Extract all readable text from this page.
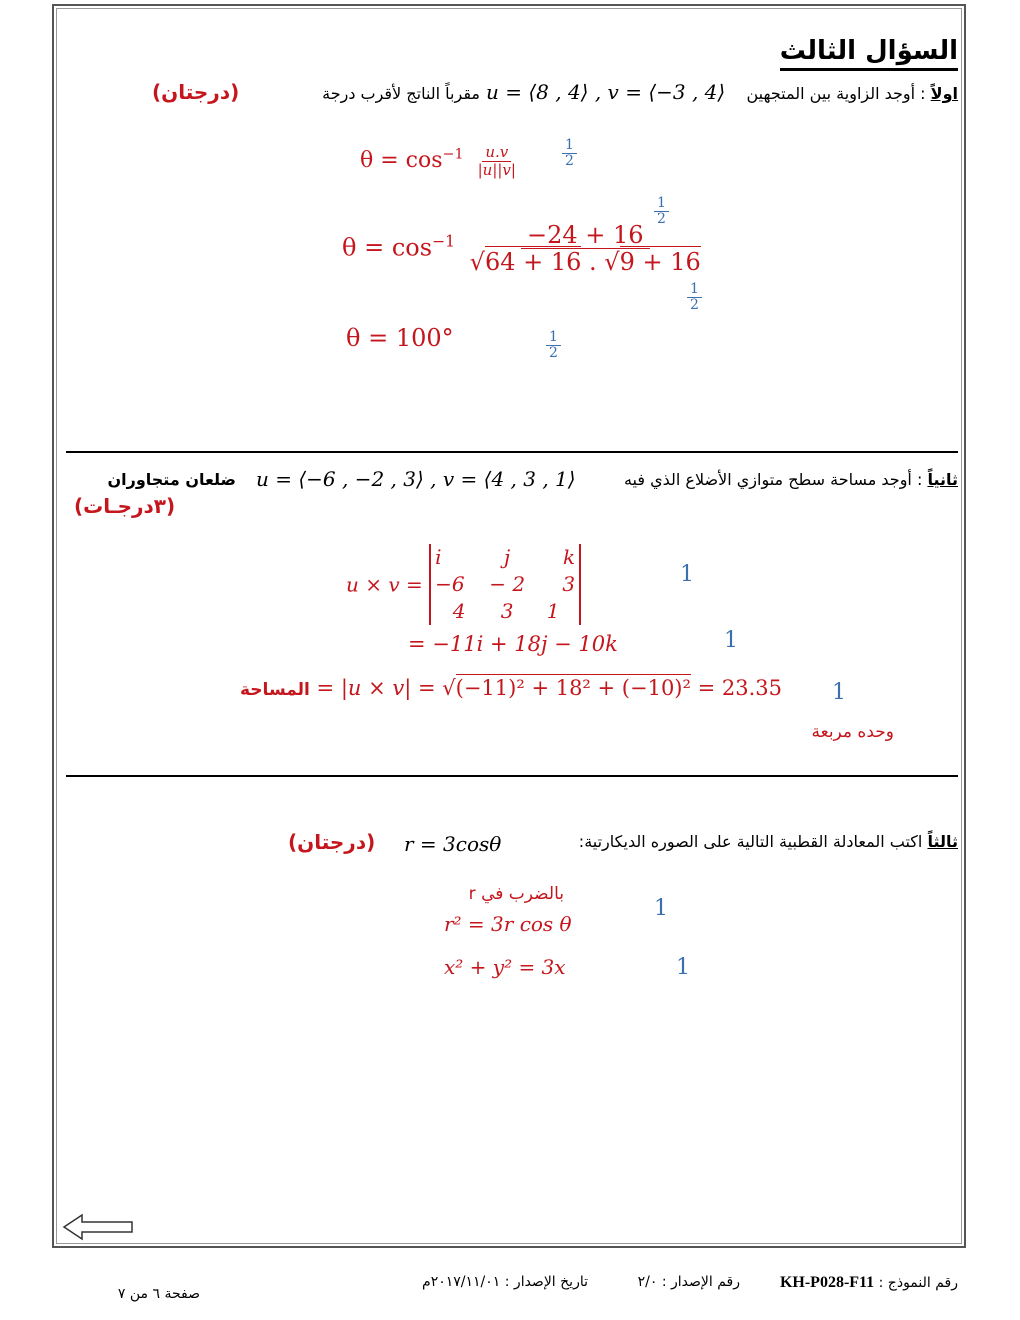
السؤال الثالث
اولاً : أوجد الزاوية بين المتجهين
u = ⟨8 , 4⟩ , v = ⟨−3 , 4⟩
مقرباً الناتج لأقرب درجة
(درجتان)
$\theta = \cos^{-1} \frac{u.v}{|u||v|}$	$\frac{1}{2}$
$\theta = \cos^{-1} \frac{-24 + 16}{√64 + 16 . √9 + 16}$
$\frac{1}{2}$
$\frac{1}{2}$
θ = 100°	$\frac{1}{2}$
ثانياً : أوجد مساحة سطح متوازي الأضلاع الذي فيه
u = ⟨−6 , −2 , 3⟩ , v = ⟨4 , 3 , 1⟩
ضلعان متجاوران
(٣درجـات)
u × v =
i	j	k
−6	− 2	3
4	3	1
1
= −11i + 18j − 10k	1
المساحة = |u × v| = √(−11)² + 18² + (−10)² = 23.35 1
وحده مربعة
ثالثاً اكتب المعادلة القطبية التالية على الصوره الديكارتية:
r = 3cosθ
(درجتان)
بالضرب في r
r² = 3r cos θ
1
x² + y² = 3x	1
رقم النموذج : KH-P028-F11
رقم الإصدار : ٢/٠
تاريخ الإصدار : ٢٠١٧/١١/٠١م
صفحة ٦ من ٧
